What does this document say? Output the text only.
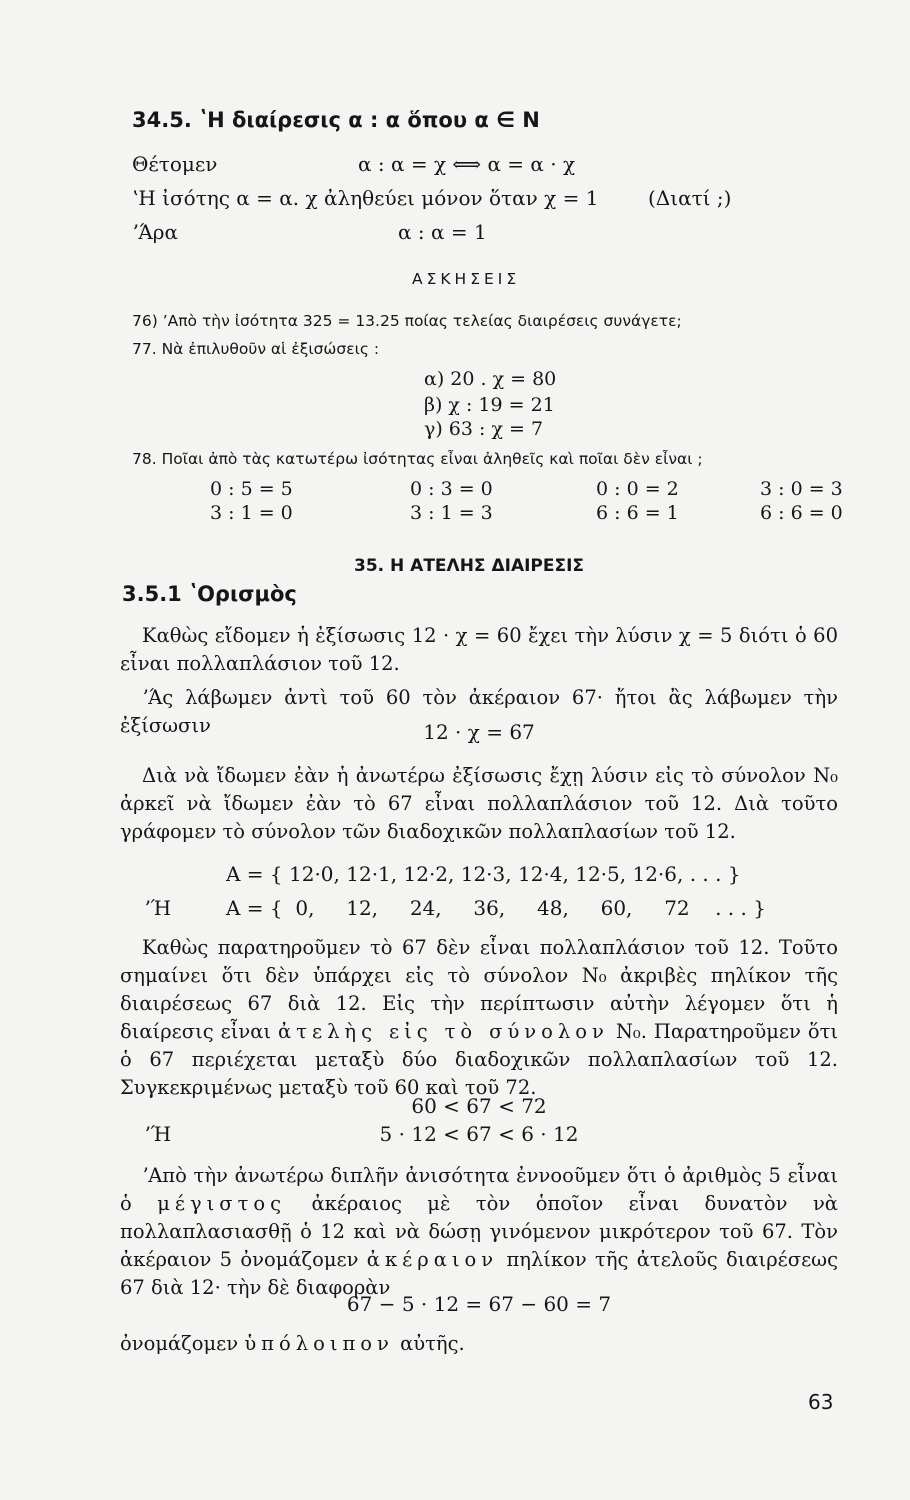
34.5. ʽΗ διαίρεσις α : α ὅπου α ∈ N
Θέτομεν	α : α = χ ⟺ α = α · χ
ʽΗ ἰσότης α = α. χ ἀληθεύει μόνον ὅταν χ = 1 (Διατί ;)
ʼΆρα	α : α = 1
ΑΣΚΗΣΕΙΣ
76) ʼΑπὸ τὴν ἰσότητα 325 = 13.25 ποίας τελείας διαιρέσεις συνάγετε;
77. Νὰ ἐπιλυθοῦν αἱ ἐξισώσεις :
α) 20 . χ = 80
β) χ : 19 = 21
γ) 63 : χ = 7
78. Ποῖαι ἀπὸ τὰς κατωτέρω ἰσότητας εἶναι ἀληθεῖς καὶ ποῖαι δὲν εἶναι ;
0 : 5 = 5	0 : 3 = 0	0 : 0 = 2	3 : 0 = 3
3 : 1 = 0	3 : 1 = 3	6 : 6 = 1	6 : 6 = 0
35. Η ΑΤΕΛΗΣ ΔΙΑΙΡΕΣΙΣ
3.5.1 ʽΟρισμὸς
Καθὼς εἴδομεν ἡ ἐξίσωσις 12 · χ = 60 ἔχει τὴν λύσιν χ = 5 διότι ὁ 60 εἶναι πολλαπλάσιον τοῦ 12.
ʼΆς λάβωμεν ἀντὶ τοῦ 60 τὸν ἀκέραιον 67· ἤτοι ἂς λάβωμεν τὴν ἐξίσωσιν	12 · χ = 67
Διὰ νὰ ἴδωμεν ἐὰν ἡ ἀνωτέρω ἐξίσωσις ἔχῃ λύσιν εἰς τὸ σύνολον N₀ ἀρκεῖ νὰ ἴδωμεν ἐὰν τὸ 67 εἶναι πολλαπλάσιον τοῦ 12. Διὰ τοῦτο γράφομεν τὸ σύνολον τῶν διαδοχικῶν πολλαπλασίων τοῦ 12.
A = { 12·0, 12·1, 12·2, 12·3, 12·4, 12·5, 12·6, . . . }
ʼΉ	A = {  0,     12,     24,     36,     48,     60,     72    . . . }
Καθὼς παρατηροῦμεν τὸ 67 δὲν εἶναι πολλαπλάσιον τοῦ 12. Τοῦτο σημαίνει ὅτι δὲν ὑπάρχει εἰς τὸ σύνολον N₀ ἀκριβὲς πηλίκον τῆς διαιρέσεως 67 διὰ 12. Εἰς τὴν περίπτωσιν αὐτὴν λέγομεν ὅτι ἡ διαίρεσις εἶναι ἀτελὴς εἰς τὸ σύνολον N₀. Παρατηροῦμεν ὅτι ὁ 67 περιέχεται μεταξὺ δύο διαδοχικῶν πολλαπλασίων τοῦ 12. Συγκεκριμένως μεταξὺ τοῦ 60 καὶ τοῦ 72.
60 < 67 < 72
ʼΉ	5 · 12 < 67 < 6 · 12
ʼΑπὸ τὴν ἀνωτέρω διπλῆν ἀνισότητα ἐννοοῦμεν ὅτι ὁ ἀριθμὸς 5 εἶναι ὁ μέγιστος ἀκέραιος μὲ τὸν ὁποῖον εἶναι δυνατὸν νὰ πολλαπλασιασθῇ ὁ 12 καὶ νὰ δώσῃ γινόμενον μικρότερον τοῦ 67. Τὸν ἀκέραιον 5 ὀνομάζομεν ἀκέραιον πηλίκον τῆς ἀτελοῦς διαιρέσεως 67 διὰ 12· τὴν δὲ διαφορὰν
67 − 5 · 12 = 67 − 60 = 7
ὀνομάζομεν ὑπόλοιπον αὐτῆς.
63
